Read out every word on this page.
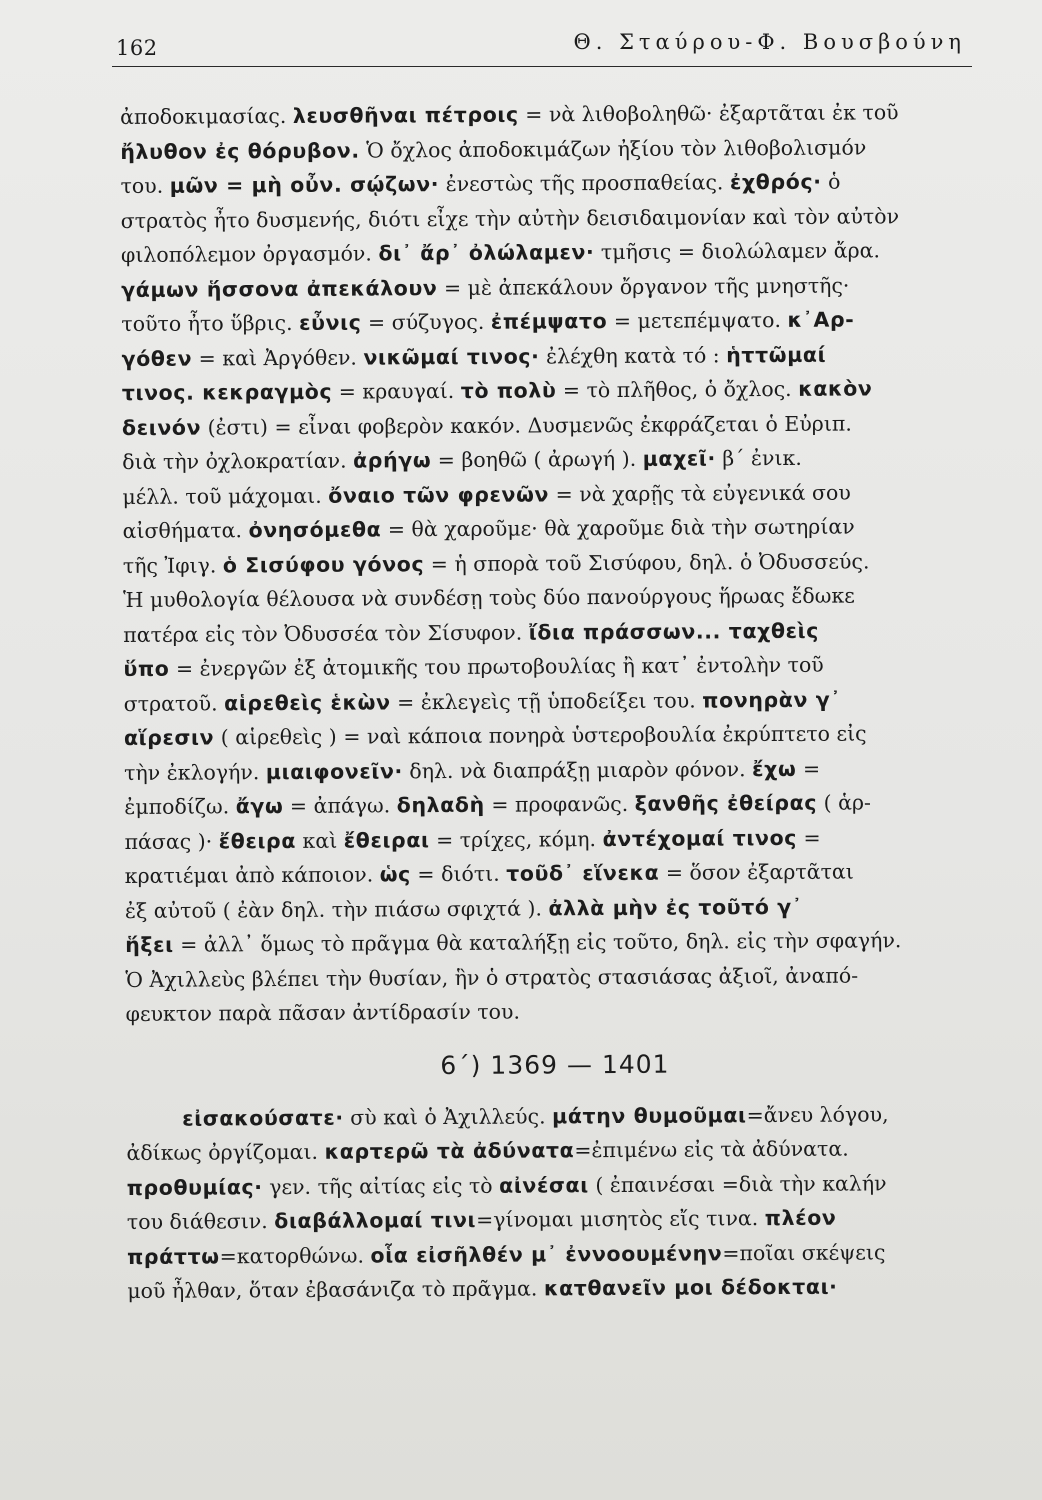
162	Θ. Σταύρου-Φ. Βουσβούνη
ἀποδοκιμασίας. λευσθῆναι πέτροις = νὰ λιθοβοληθῶ· ἐξαρτᾶται ἐκ τοῦ
ἤλυθον ἐς θόρυβον. Ὁ ὄχλος ἀποδοκιμάζων ἠξίου τὸν λιθοβολισμόν
του. μῶν = μὴ οὖν. σῴζων· ἐνεστὼς τῆς προσπαθείας. ἐχθρός· ὁ
στρατὸς ἦτο δυσμενής, διότι εἶχε τὴν αὐτὴν δεισιδαιμονίαν καὶ τὸν αὐτὸν
φιλοπόλεμον ὀργασμόν. δι᾽ ἄρ᾽ ὀλώλαμεν· τμῆσις = διολώλαμεν ἄρα.
γάμων ἥσσονα ἀπεκάλουν = μὲ ἀπεκάλουν ὄργανον τῆς μνηστῆς·
τοῦτο ἦτο ὕβρις. εὖνις = σύζυγος. ἐπέμψατο = μετεπέμψατο. κ᾽Αρ-
γόθεν = καὶ Ἀργόθεν. νικῶμαί τινος· ἐλέχθη κατὰ τό : ἡττῶμαί
τινος. κεκραγμὸς = κραυγαί. τὸ πολὺ = τὸ πλῆθος, ὁ ὄχλος. κακὸν
δεινόν (ἐστι) = εἶναι φοβερὸν κακόν. Δυσμενῶς ἐκφράζεται ὁ Εὐριπ.
διὰ τὴν ὀχλοκρατίαν. ἀρήγω = βοηθῶ ( ἀρωγή ). μαχεῖ· β΄ ἐνικ.
μέλλ. τοῦ μάχομαι. ὄναιο τῶν φρενῶν = νὰ χαρῇς τὰ εὐγενικά σου
αἰσθήματα. ὀνησόμεθα = θὰ χαροῦμε· θὰ χαροῦμε διὰ τὴν σωτηρίαν
τῆς Ἰφιγ. ὁ Σισύφου γόνος = ἡ σπορὰ τοῦ Σισύφου, δηλ. ὁ Ὀδυσσεύς.
Ἡ μυθολογία θέλουσα νὰ συνδέσῃ τοὺς δύο πανούργους ἥρωας ἔδωκε
πατέρα εἰς τὸν Ὀδυσσέα τὸν Σίσυφον. ἴδια πράσσων... ταχθεὶς
ὕπο = ἐνεργῶν ἐξ ἀτομικῆς του πρωτοβουλίας ἢ κατ᾽ ἐντολὴν τοῦ
στρατοῦ. αἱρεθεὶς ἑκὼν = ἐκλεγεὶς τῇ ὑποδείξει του. πονηρὰν γ᾽
αἵρεσιν ( αἱρεθεὶς ) = ναὶ κάποια πονηρὰ ὑστεροβουλία ἐκρύπτετο εἰς
τὴν ἐκλογήν. μιαιφονεῖν· δηλ. νὰ διαπράξῃ μιαρὸν φόνον. ἔχω =
ἐμποδίζω. ἄγω = ἀπάγω. δηλαδὴ = προφανῶς. ξανθῆς ἐθείρας ( ἁρ-
πάσας )· ἔθειρα καὶ ἔθειραι = τρίχες, κόμη. ἀντέχομαί τινος =
κρατιέμαι ἀπὸ κάποιον. ὡς = διότι. τοῦδ᾽ εἵνεκα = ὅσον ἐξαρτᾶται
ἐξ αὐτοῦ ( ἐὰν δηλ. τὴν πιάσω σφιχτά ). ἀλλὰ μὴν ἐς τοῦτό γ᾽
ἥξει = ἀλλ᾽ ὅμως τὸ πρᾶγμα θὰ καταλήξῃ εἰς τοῦτο, δηλ. εἰς τὴν σφαγήν.
Ὁ Ἀχιλλεὺς βλέπει τὴν θυσίαν, ἣν ὁ στρατὸς στασιάσας ἀξιοῖ, ἀναπό-
φευκτον παρὰ πᾶσαν ἀντίδρασίν του.
6΄) 1369 — 1401
εἰσακούσατε· σὺ καὶ ὁ Ἀχιλλεύς. μάτην θυμοῦμαι=ἄνευ λόγου,
ἀδίκως ὀργίζομαι. καρτερῶ τὰ ἀδύνατα=ἐπιμένω εἰς τὰ ἀδύνατα.
προθυμίας· γεν. τῆς αἰτίας εἰς τὸ αἰνέσαι ( ἐπαινέσαι =διὰ τὴν καλήν
του διάθεσιν. διαβάλλομαί τινι=γίνομαι μισητὸς εἴς τινα. πλέον
πράττω=κατορθώνω. οἷα εἰσῆλθέν μ᾽ ἐννοουμένην=ποῖαι σκέψεις
μοῦ ἦλθαν, ὅταν ἐβασάνιζα τὸ πρᾶγμα. κατθανεῖν μοι δέδοκται·
